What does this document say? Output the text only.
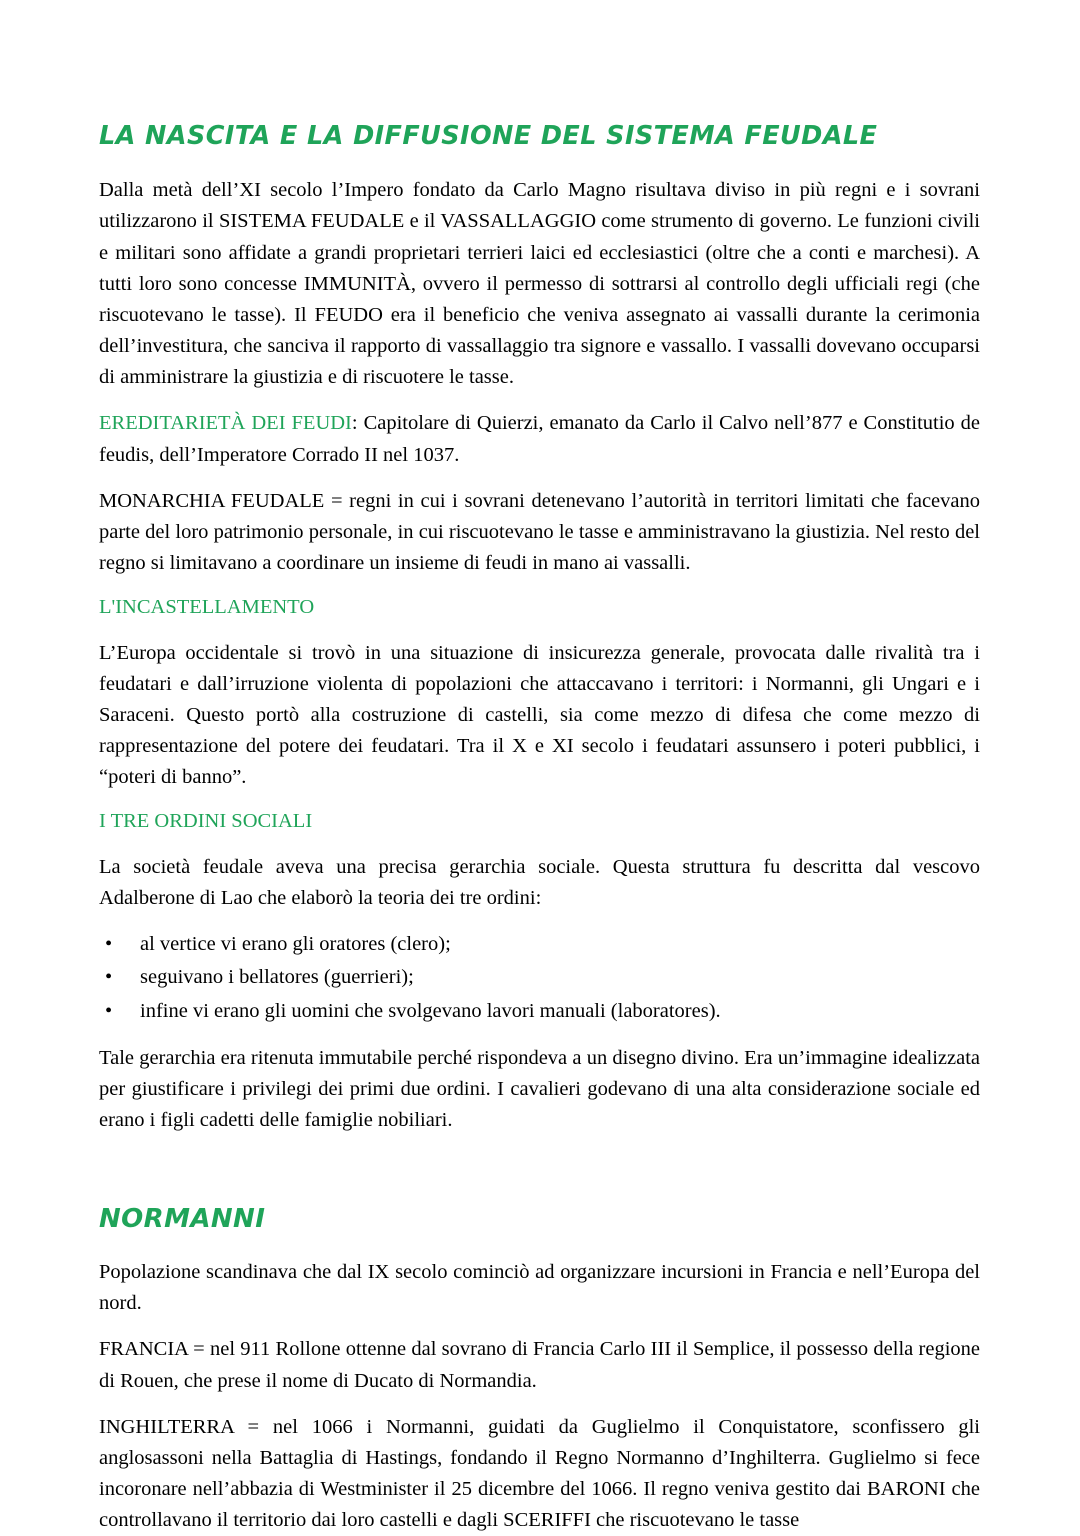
LA NASCITA E LA DIFFUSIONE DEL SISTEMA FEUDALE

Dalla metà dell’XI secolo l’Impero fondato da Carlo Magno risultava diviso in più regni e i sovrani utilizzarono il SISTEMA FEUDALE e il VASSALLAGGIO come strumento di governo. Le funzioni civili e militari sono affidate a grandi proprietari terrieri laici ed ecclesiastici (oltre che a conti e marchesi). A tutti loro sono concesse IMMUNITÀ, ovvero il permesso di sottrarsi al controllo degli ufficiali regi (che riscuotevano le tasse). Il FEUDO era il beneficio che veniva assegnato ai vassalli durante la cerimonia dell’investitura, che sanciva il rapporto di vassallaggio tra signore e vassallo. I vassalli dovevano occuparsi di amministrare la giustizia e di riscuotere le tasse.

EREDITARIETÀ DEI FEUDI: Capitolare di Quierzi, emanato da Carlo il Calvo nell’877 e Constitutio de feudis, dell’Imperatore Corrado II nel 1037.

MONARCHIA FEUDALE = regni in cui i sovrani detenevano l’autorità in territori limitati che facevano parte del loro patrimonio personale, in cui riscuotevano le tasse e amministravano la giustizia. Nel resto del regno si limitavano a coordinare un insieme di feudi in mano ai vassalli.

L'INCASTELLAMENTO

L’Europa occidentale si trovò in una situazione di insicurezza generale, provocata dalle rivalità tra i feudatari e dall’irruzione violenta di popolazioni che attaccavano i territori: i Normanni, gli Ungari e i Saraceni. Questo portò alla costruzione di castelli, sia come mezzo di difesa che come mezzo di rappresentazione del potere dei feudatari. Tra il X e XI secolo i feudatari assunsero i poteri pubblici, i “poteri di banno”.

I TRE ORDINI SOCIALI

La società feudale aveva una precisa gerarchia sociale. Questa struttura fu descritta dal vescovo Adalberone di Lao che elaborò la teoria dei tre ordini:

• al vertice vi erano gli oratores (clero);
• seguivano i bellatores (guerrieri);
• infine vi erano gli uomini che svolgevano lavori manuali (laboratores).

Tale gerarchia era ritenuta immutabile perché rispondeva a un disegno divino. Era un’immagine idealizzata per giustificare i privilegi dei primi due ordini. I cavalieri godevano di una alta considerazione sociale ed erano i figli cadetti delle famiglie nobiliari.

NORMANNI

Popolazione scandinava che dal IX secolo cominciò ad organizzare incursioni in Francia e nell’Europa del nord.

FRANCIA = nel 911 Rollone ottenne dal sovrano di Francia Carlo III il Semplice, il possesso della regione di Rouen, che prese il nome di Ducato di Normandia.

INGHILTERRA = nel 1066 i Normanni, guidati da Guglielmo il Conquistatore, sconfissero gli anglosassoni nella Battaglia di Hastings, fondando il Regno Normanno d’Inghilterra. Guglielmo si fece incoronare nell’abbazia di Westminister il 25 dicembre del 1066. Il regno veniva gestito dai BARONI che controllavano il territorio dai loro castelli e dagli SCERIFFI che riscuotevano le tasse
